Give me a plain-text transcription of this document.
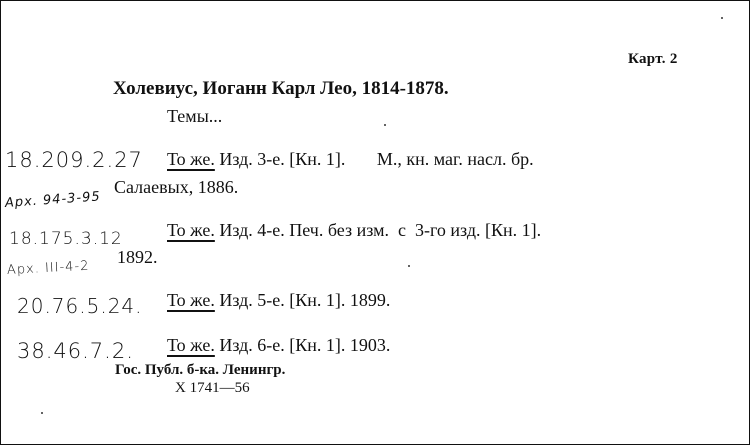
Карт. 2
Холевиус, Иоганн Карл Лео, 1814-1878.
Темы...
18.209.2.27 То же. Изд. 3-е. [Кн. 1].       М., кн. маг. насл. бр.
Салаевых, 1886.
Арх. 94-3-95
18.175.3.12 То же. Изд. 4-е. Печ. без изм.  с  3-го изд. [Кн. 1].
1892.
Арх. III-4-2
20.76.5.24. То же. Изд. 5-е. [Кн. 1]. 1899.
38.46.7.2. То же. Изд. 6-е. [Кн. 1]. 1903.
Гос. Публ. б-ка. Ленингр.
X 1741—56
